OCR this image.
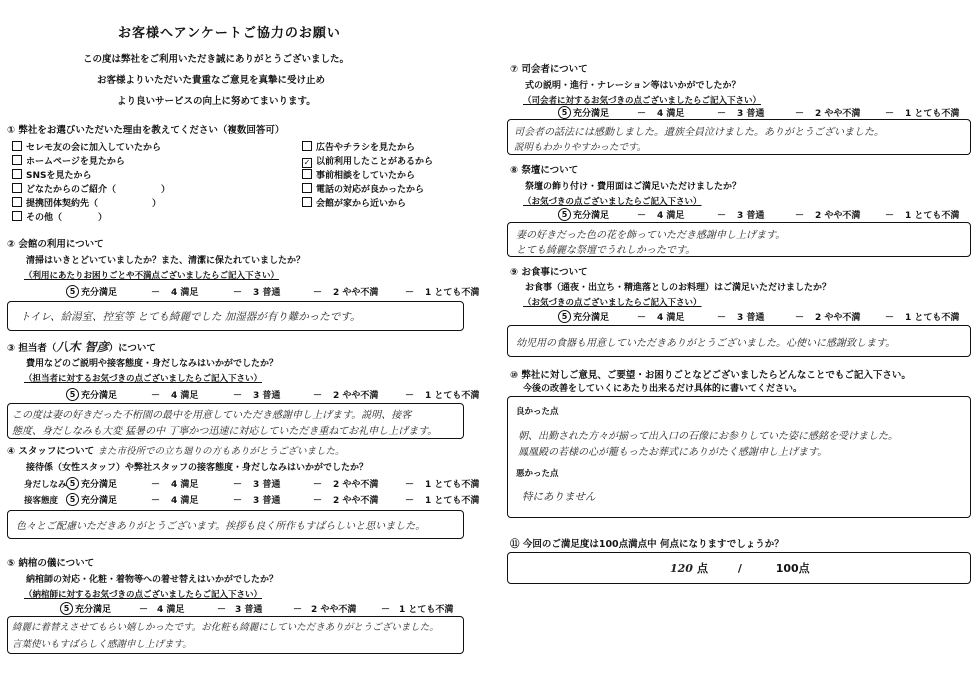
お客様へアンケートご協力のお願い
この度は弊社をご利用いただき誠にありがとうございました。
お客様よりいただいた貴重なご意見を真摯に受け止め
より良いサービスの向上に努めてまいります。
① 弊社をお選びいただいた理由を教えてください（複数回答可）
セレモ友の会に加入していたから
ホームページを見たから
SNSを見たから
どなたからのご紹介（　　　　　）
提携団体契約先（　　　　　　）
その他（　　　　）
広告やチラシを見たから
✓ 以前利用したことがあるから
事前相談をしていたから
電話の対応が良かったから
会館が家から近いから
② 会館の利用について
清掃はいきとどいていましたか？また、清潔に保たれていましたか？
（利用にあたりお困りごとや不満点ございましたらご記入下さい）
5 充分満足	－	4 満足	－	3 普通	－	2 やや不満	－	1 とても不満
トイレ、給湯室、控室等 とても綺麗でした 加湿器が有り難かったです。
③ 担当者（八木 智彦）について
費用などのご説明や接客態度・身だしなみはいかがでしたか？
（担当者に対するお気づきの点ございましたらご記入下さい）
5 充分満足	－	4 満足	－	3 普通	－	2 やや不満	－	1 とても不満
この度は妻の好きだった不桁園の最中を用意していただき感謝申し上げます。説明、接客
態度、身だしなみも大変 猛暑の中 丁寧かつ迅速に対応していただき重ねてお礼申し上げます。
④ スタッフについて また市役所での立ち廻りの方もありがとうございました。
接待係（女性スタッフ）や弊社スタッフの接客態度・身だしなみはいかがでしたか？
身だしなみ 5 充分満足	－	4 満足	－	3 普通	－	2 やや不満	－	1 とても不満
接客態度	5 充分満足	－	4 満足	－	3 普通	－	2 やや不満	－	1 とても不満
色々とご配慮いただきありがとうございます。挨拶も良く所作もすばらしいと思いました。
⑤ 納棺の儀について
納棺師の対応・化粧・着物等への着せ替えはいかがでしたか？
（納棺師に対するお気づきの点ございましたらご記入下さい）
5 充分満足	－ 4 満足	－ 3 普通	－ 2 やや不満	－ 1 とても不満
綺麗に着替えさせてもらい嬉しかったです。お化粧も綺麗にしていただきありがとうございました。
言葉使いもすばらしく感謝申し上げます。
⑦ 司会者について
式の説明・進行・ナレーション等はいかがでしたか？
（司会者に対するお気づきの点ございましたらご記入下さい）
5 充分満足	－	4 満足	－	3 普通	－	2 やや不満	－	1 とても不満
司会者の話法には感動しました。遺族全員泣けました。ありがとうございました。
説明もわかりやすかったです。
⑧ 祭壇について
祭壇の飾り付け・費用面はご満足いただけましたか？
（お気づきの点ございましたらご記入下さい）
5 充分満足	－	4 満足	－	3 普通	－	2 やや不満	－	1 とても不満
妻の好きだった色の花を飾っていただき感謝申し上げます。
とても綺麗な祭壇でうれしかったです。
⑨ お食事について
お食事（通夜・出立ち・精進落としのお料理）はご満足いただけましたか？
（お気づきの点ございましたらご記入下さい）
5 充分満足	－	4 満足	－	3 普通	－	2 やや不満	－	1 とても不満
幼児用の食器も用意していただきありがとうございました。心使いに感謝致します。
⑩ 弊社に対しご意見、ご要望・お困りごとなどございましたらどんなことでもご記入下さい。
今後の改善をしていくにあたり出来るだけ具体的に書いてください。
良かった点
朝、出勤された方々が揃って出入口の石像にお参りしていた姿に感銘を受けました。
鳳凰殿の若様の心が籠もったお葬式にありがたく感謝申し上げます。
悪かった点
特にありません
⑪ 今回のご満足度は100点満点中 何点になりますでしょうか？
120 点	/	100点
